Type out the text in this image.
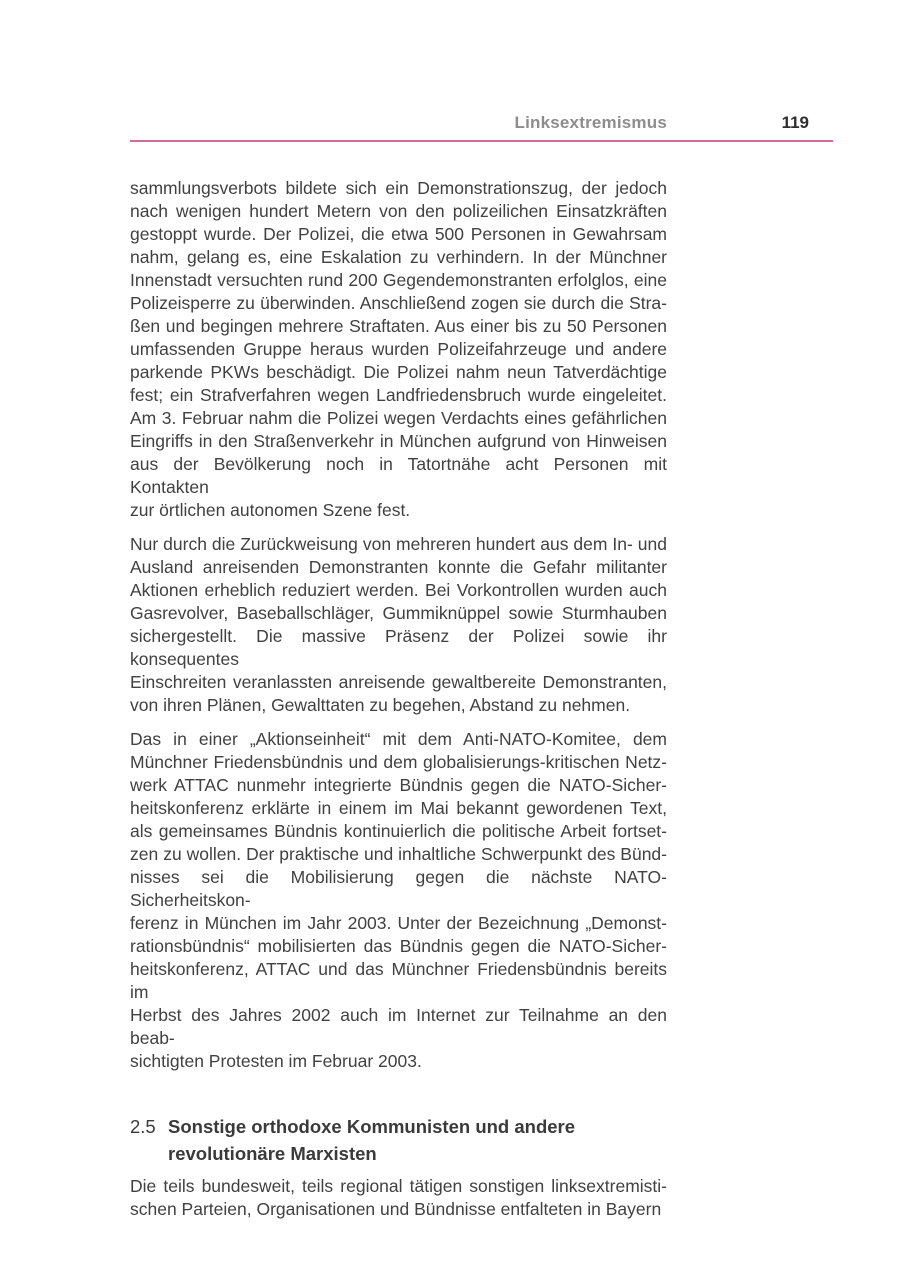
Linksextremismus	119
sammlungsverbots bildete sich ein Demonstrationszug, der jedoch
nach wenigen hundert Metern von den polizeilichen Einsatzkräften
gestoppt wurde. Der Polizei, die etwa 500 Personen in Gewahrsam
nahm, gelang es, eine Eskalation zu verhindern. In der Münchner
Innenstadt versuchten rund 200 Gegendemonstranten erfolglos, eine
Polizeisperre zu überwinden. Anschließend zogen sie durch die Stra-
ßen und begingen mehrere Straftaten. Aus einer bis zu 50 Personen
umfassenden Gruppe heraus wurden Polizeifahrzeuge und andere
parkende PKWs beschädigt. Die Polizei nahm neun Tatverdächtige
fest; ein Strafverfahren wegen Landfriedensbruch wurde eingeleitet.
Am 3. Februar nahm die Polizei wegen Verdachts eines gefährlichen
Eingriffs in den Straßenverkehr in München aufgrund von Hinweisen
aus der Bevölkerung noch in Tatortnähe acht Personen mit Kontakten
zur örtlichen autonomen Szene fest.
Nur durch die Zurückweisung von mehreren hundert aus dem In- und
Ausland anreisenden Demonstranten konnte die Gefahr militanter
Aktionen erheblich reduziert werden. Bei Vorkontrollen wurden auch
Gasrevolver, Baseballschläger, Gummiknüppel sowie Sturmhauben
sichergestellt. Die massive Präsenz der Polizei sowie ihr konsequentes
Einschreiten veranlassten anreisende gewaltbereite Demonstranten,
von ihren Plänen, Gewalttaten zu begehen, Abstand zu nehmen.
Das in einer „Aktionseinheit“ mit dem Anti-NATO-Komitee, dem
Münchner Friedensbündnis und dem globalisierungs-kritischen Netz-
werk ATTAC nunmehr integrierte Bündnis gegen die NATO-Sicher-
heitskonferenz erklärte in einem im Mai bekannt gewordenen Text,
als gemeinsames Bündnis kontinuierlich die politische Arbeit fortset-
zen zu wollen. Der praktische und inhaltliche Schwerpunkt des Bünd-
nisses sei die Mobilisierung gegen die nächste NATO-Sicherheitskon-
ferenz in München im Jahr 2003. Unter der Bezeichnung „Demonst-
rationsbündnis“ mobilisierten das Bündnis gegen die NATO-Sicher-
heitskonferenz, ATTAC und das Münchner Friedensbündnis bereits im
Herbst des Jahres 2002 auch im Internet zur Teilnahme an den beab-
sichtigten Protesten im Februar 2003.
2.5 Sonstige orthodoxe Kommunisten und andere
revolutionäre Marxisten
Die teils bundesweit, teils regional tätigen sonstigen linksextremisti-
schen Parteien, Organisationen und Bündnisse entfalteten in Bayern
